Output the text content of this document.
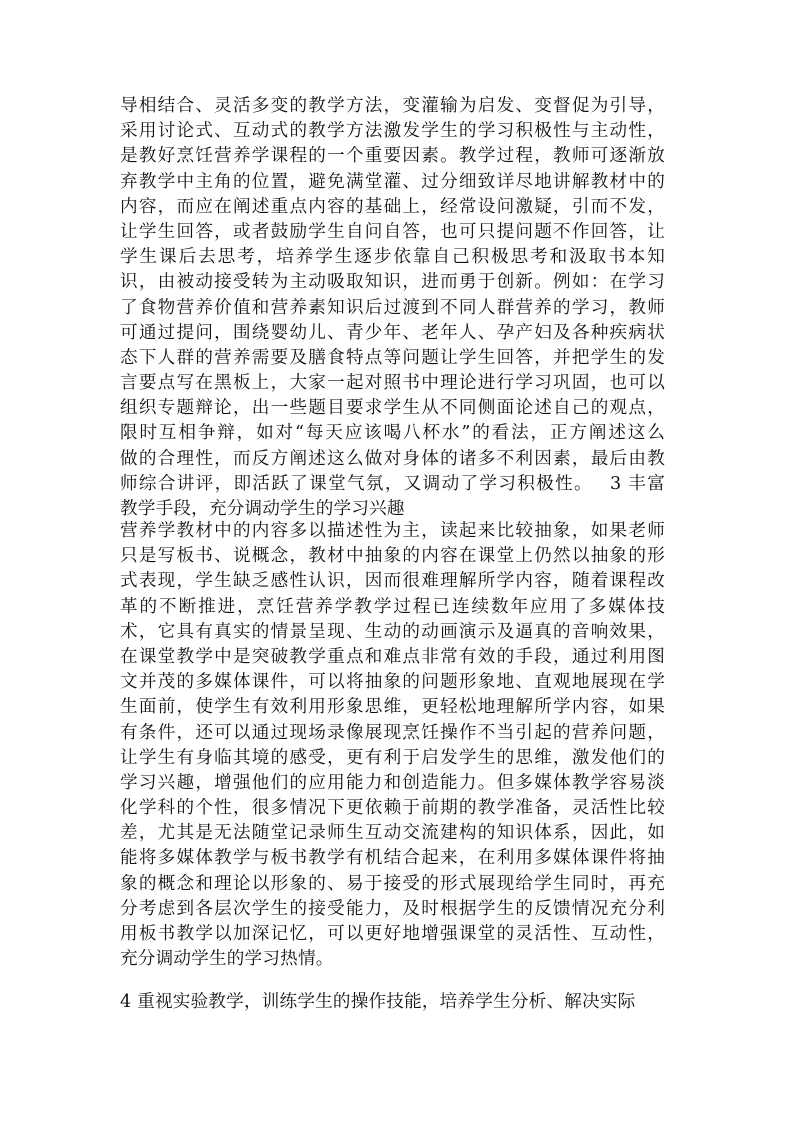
导相结合、灵活多变的教学方法，变灌输为启发、变督促为引导，
采用讨论式、互动式的教学方法激发学生的学习积极性与主动性，
是教好烹饪营养学课程的一个重要因素。教学过程，教师可逐渐放
弃教学中主角的位置，避免满堂灌、过分细致详尽地讲解教材中的
内容，而应在阐述重点内容的基础上，经常设问激疑，引而不发，
让学生回答，或者鼓励学生自问自答，也可只提问题不作回答，让
学生课后去思考，培养学生逐步依靠自己积极思考和汲取书本知
识，由被动接受转为主动吸取知识，进而勇于创新。例如：在学习
了食物营养价值和营养素知识后过渡到不同人群营养的学习，教师
可通过提问，围绕婴幼儿、青少年、老年人、孕产妇及各种疾病状
态下人群的营养需要及膳食特点等问题让学生回答，并把学生的发
言要点写在黑板上，大家一起对照书中理论进行学习巩固，也可以
组织专题辩论，出一些题目要求学生从不同侧面论述自己的观点，
限时互相争辩，如对“每天应该喝八杯水”的看法，正方阐述这么
做的合理性，而反方阐述这么做对身体的诸多不利因素，最后由教
师综合讲评，即活跃了课堂气氛，又调动了学习积极性。　 3 丰富
教学手段，充分调动学生的学习兴趣
营养学教材中的内容多以描述性为主，读起来比较抽象，如果老师
只是写板书、说概念，教材中抽象的内容在课堂上仍然以抽象的形
式表现，学生缺乏感性认识，因而很难理解所学内容，随着课程改
革的不断推进，烹饪营养学教学过程已连续数年应用了多媒体技
术，它具有真实的情景呈现、生动的动画演示及逼真的音响效果，
在课堂教学中是突破教学重点和难点非常有效的手段，通过利用图
文并茂的多媒体课件，可以将抽象的问题形象地、直观地展现在学
生面前，使学生有效利用形象思维，更轻松地理解所学内容，如果
有条件，还可以通过现场录像展现烹饪操作不当引起的营养问题，
让学生有身临其境的感受，更有利于启发学生的思维，激发他们的
学习兴趣，增强他们的应用能力和创造能力。但多媒体教学容易淡
化学科的个性，很多情况下更依赖于前期的教学准备，灵活性比较
差，尤其是无法随堂记录师生互动交流建构的知识体系，因此，如
能将多媒体教学与板书教学有机结合起来，在利用多媒体课件将抽
象的概念和理论以形象的、易于接受的形式展现给学生同时，再充
分考虑到各层次学生的接受能力，及时根据学生的反馈情况充分利
用板书教学以加深记忆，可以更好地增强课堂的灵活性、互动性，
充分调动学生的学习热情。
4 重视实验教学，训练学生的操作技能，培养学生分析、解决实际
